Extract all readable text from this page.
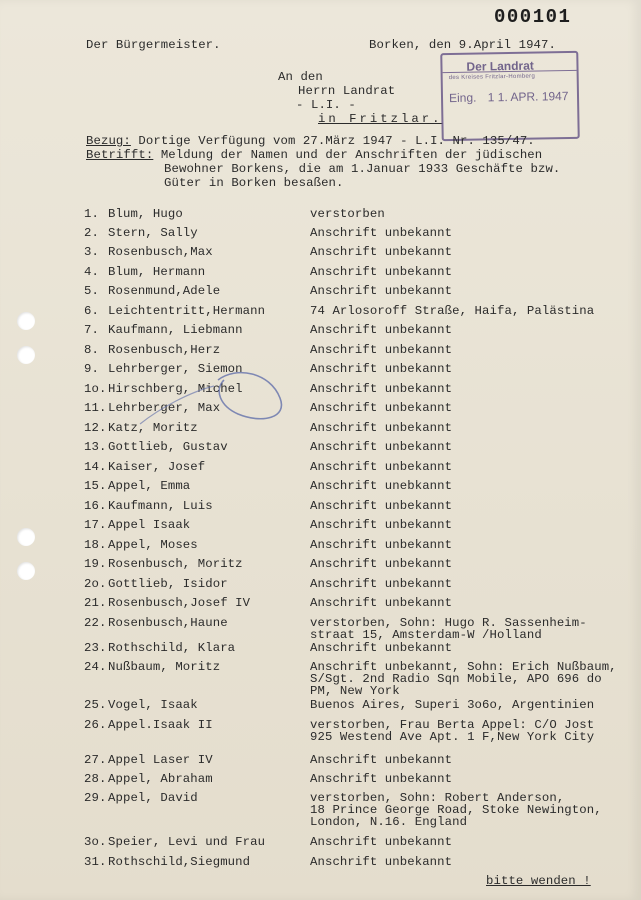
000101
Der Bürgermeister.	Borken, den 9.April 1947.
An den
Herrn Landrat
- L.I. -
in Fritzlar.
Der Landrat
des Kreises Fritzlar-Homberg
Eing. 1 1. APR. 1947
Bezug: Dortige Verfügung vom 27.März 1947 - L.I. Nr. 135/47.
Betrifft: Meldung der Namen und der Anschriften der jüdischen
Bewohner Borkens, die am 1.Januar 1933 Geschäfte bzw.
Güter in Borken besaßen.
1. Blum, Hugo	verstorben
2. Stern, Sally	Anschrift unbekannt
3. Rosenbusch,Max	Anschrift unbekannt
4. Blum, Hermann	Anschrift unbekannt
5. Rosenmund,Adele	Anschrift unbekannt
6. Leichtentritt,Hermann	74 Arlosoroff Straße, Haifa, Palästina
7. Kaufmann, Liebmann	Anschrift unbekannt
8. Rosenbusch,Herz	Anschrift unbekannt
9. Lehrberger, Siemon	Anschrift unbekannt
1o. Hirschberg, Michel	Anschrift unbekannt
11. Lehrberger, Max	Anschrift unbekannt
12. Katz, Moritz	Anschrift unbekannt
13. Gottlieb, Gustav	Anschrift unbekannt
14. Kaiser, Josef	Anschrift unbekannt
15. Appel, Emma	Anschrift unebkannt
16. Kaufmann, Luis	Anschrift unbekannt
17. Appel Isaak	Anschrift unbekannt
18. Appel, Moses	Anschrift unbekannt
19. Rosenbusch, Moritz	Anschrift unbekannt
2o. Gottlieb, Isidor	Anschrift unbekannt
21. Rosenbusch,Josef IV	Anschrift unbekannt
22. Rosenbusch,Haune	verstorben, Sohn: Hugo R. Sassenheim-
straat 15, Amsterdam-W /Holland
23. Rothschild, Klara	Anschrift unbekannt
24. Nußbaum, Moritz	Anschrift unbekannt, Sohn: Erich Nußbaum,
S/Sgt. 2nd Radio Sqn Mobile, APO 696 do
PM, New York
25. Vogel, Isaak	Buenos Aires, Superi 3o6o, Argentinien
26. Appel.Isaak II	verstorben, Frau Berta Appel: C/O Jost
925 Westend Ave Apt. 1 F,New York City
27. Appel Laser IV	Anschrift unbekannt
28. Appel, Abraham	Anschrift unbekannt
29. Appel, David	verstorben, Sohn: Robert Anderson,
18 Prince George Road, Stoke Newington,
London, N.16. England
3o. Speier, Levi und Frau	Anschrift unbekannt
31. Rothschild,Siegmund	Anschrift unbekannt
bitte wenden !
